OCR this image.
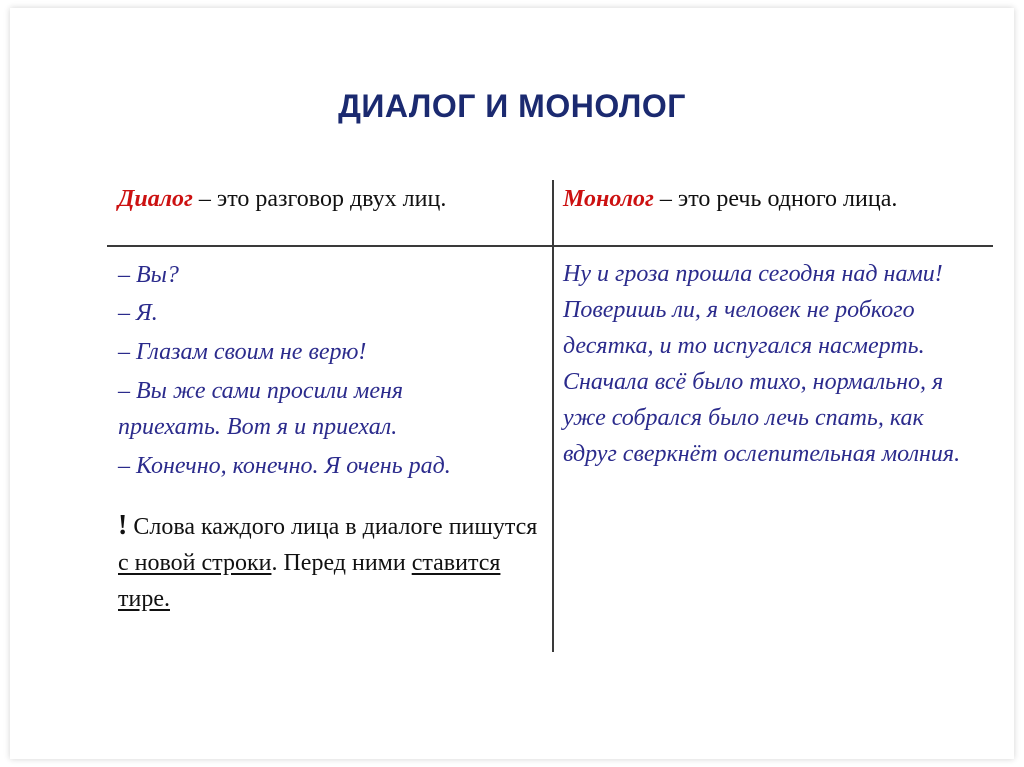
ДИАЛОГ И МОНОЛОГ
Диалог – это разговор двух лиц.	Монолог – это речь одного лица.
– Вы?
– Я.
– Глазам своим не верю!
– Вы же сами просили меня
приехать. Вот я и приехал.
– Конечно, конечно. Я очень рад.
Ну и гроза прошла сегодня над нами! Поверишь ли, я человек не робкого десятка, и то испугался насмерть. Сначала всё было тихо, нормально, я уже собрался было лечь спать, как вдруг сверкнёт ослепительная молния.
! Слова каждого лица в диалоге пишутся с новой строки. Перед ними ставится тире.
